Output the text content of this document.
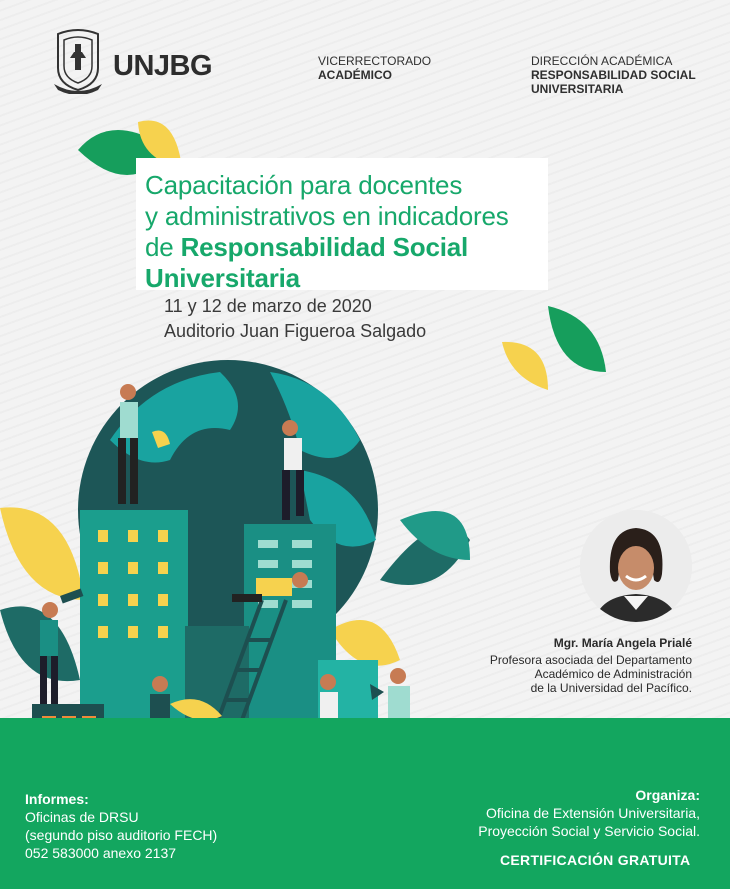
UNJBG	VICERRECTORADO
ACADÉMICO
DIRECCIÓN ACADÉMICA
RESPONSABILIDAD SOCIAL
UNIVERSITARIA
Capacitación para docentes
y administrativos en indicadores
de Responsabilidad Social
Universitaria
11 y 12 de marzo de 2020
Auditorio Juan Figueroa Salgado
Mgr. María Angela Prialé
Profesora asociada del Departamento
Académico de Administración
de la Universidad del Pacífico.
Informes:
Oficinas de DRSU
(segundo piso auditorio FECH)
052 583000 anexo 2137
Organiza:
Oficina de Extensión Universitaria,
Proyección Social y Servicio Social.
CERTIFICACIÓN GRATUITA
